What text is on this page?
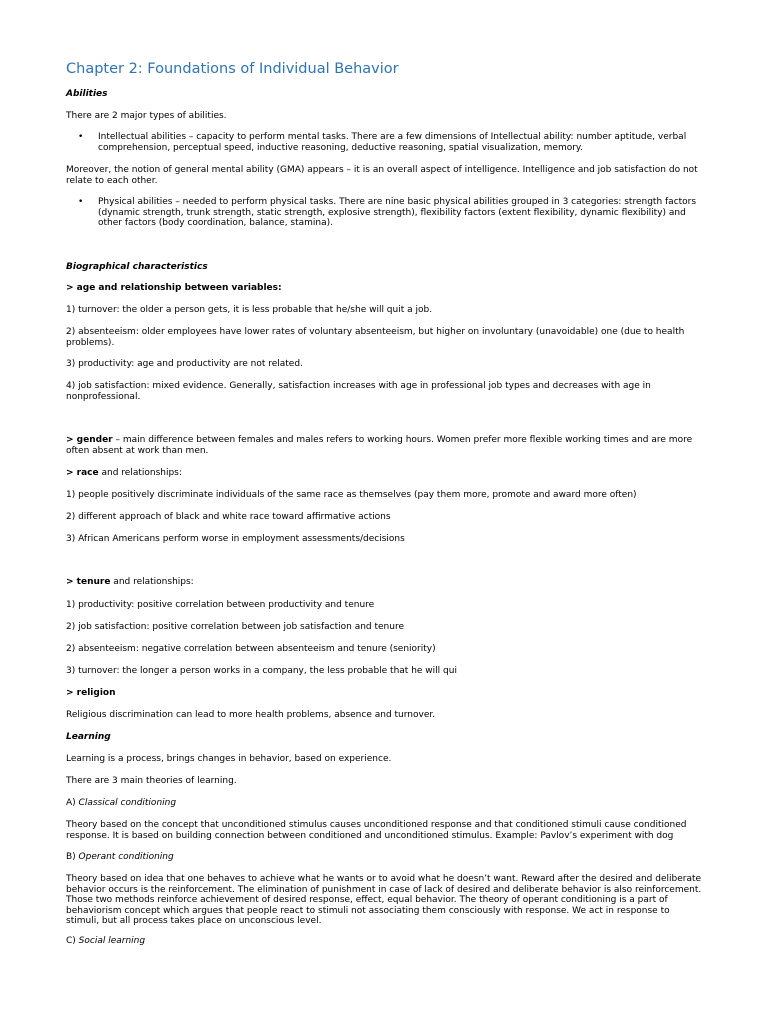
Chapter 2: Foundations of Individual Behavior
Abilities
There are 2 major types of abilities.
•	Intellectual abilities – capacity to perform mental tasks. There are a few dimensions of Intellectual ability: number aptitude, verbal comprehension, perceptual speed, inductive reasoning, deductive reasoning, spatial visualization, memory.
Moreover, the notion of general mental ability (GMA) appears – it is an overall aspect of intelligence. Intelligence and job satisfaction do not relate to each other.
•	Physical abilities – needed to perform physical tasks. There are nine basic physical abilities grouped in 3 categories: strength factors (dynamic strength, trunk strength, static strength, explosive strength), flexibility factors (extent flexibility, dynamic flexibility) and other factors (body coordination, balance, stamina).
Biographical characteristics
> age and relationship between variables:
1) turnover: the older a person gets, it is less probable that he/she will quit a job.
2) absenteeism: older employees have lower rates of voluntary absenteeism, but higher on involuntary (unavoidable) one (due to health problems).
3) productivity: age and productivity are not related.
4) job satisfaction: mixed evidence. Generally, satisfaction increases with age in professional job types and decreases with age in nonprofessional.
> gender – main difference between females and males refers to working hours. Women prefer more flexible working times and are more often absent at work than men.
> race and relationships:
1) people positively discriminate individuals of the same race as themselves (pay them more, promote and award more often)
2) different approach of black and white race toward affirmative actions
3) African Americans perform worse in employment assessments/decisions
> tenure and relationships:
1) productivity: positive correlation between productivity and tenure
2) job satisfaction: positive correlation between job satisfaction and tenure
2) absenteeism: negative correlation between absenteeism and tenure (seniority)
3) turnover: the longer a person works in a company, the less probable that he will qui
> religion
Religious discrimination can lead to more health problems, absence and turnover.
Learning
Learning is a process, brings changes in behavior, based on experience.
There are 3 main theories of learning.
A) Classical conditioning
Theory based on the concept that unconditioned stimulus causes unconditioned response and that conditioned stimuli cause conditioned response. It is based on building connection between conditioned and unconditioned stimulus. Example: Pavlov’s experiment with dog
B) Operant conditioning
Theory based on idea that one behaves to achieve what he wants or to avoid what he doesn’t want. Reward after the desired and deliberate behavior occurs is the reinforcement. The elimination of punishment in case of lack of desired and deliberate behavior is also reinforcement. Those two methods reinforce achievement of desired response, effect, equal behavior. The theory of operant conditioning is a part of behaviorism concept which argues that people react to stimuli not associating them consciously with response. We act in response to stimuli, but all process takes place on unconscious level.
C) Social learning
